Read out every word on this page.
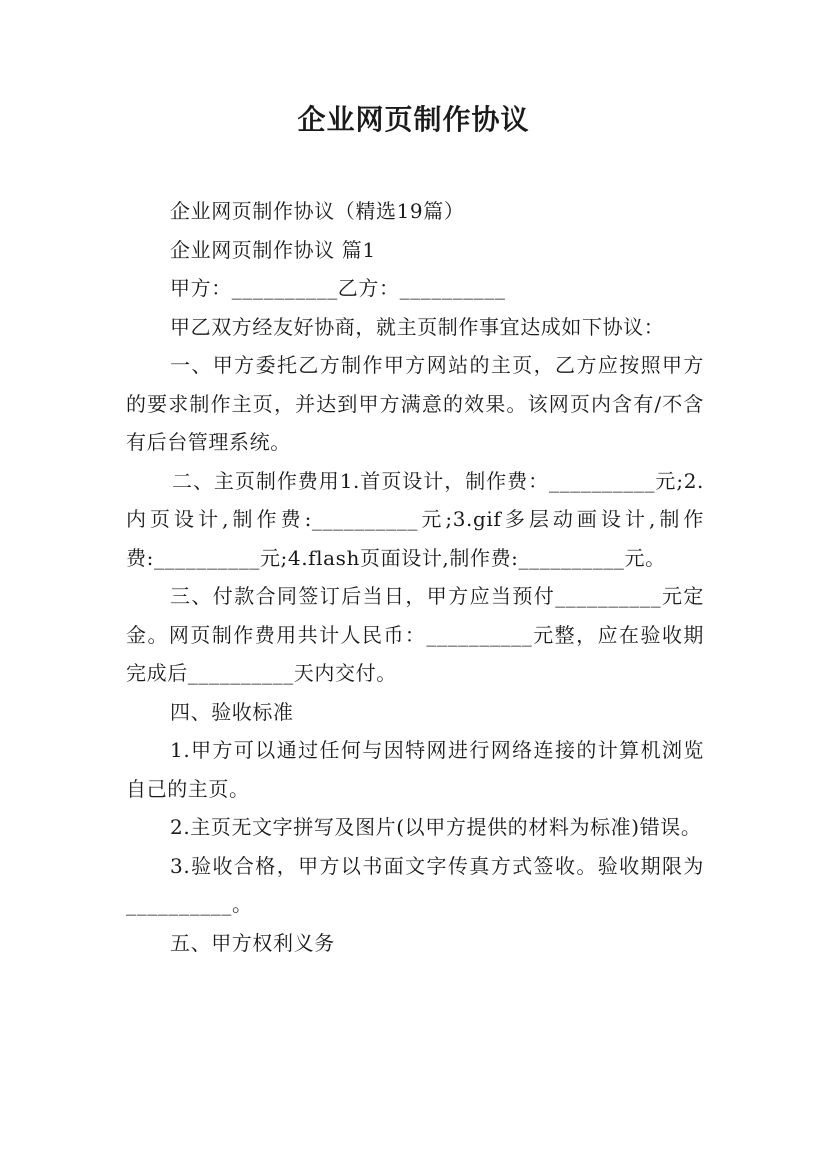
企业网页制作协议

企业网页制作协议（精选19篇）

企业网页制作协议 篇1

甲方：__________乙方：__________

甲乙双方经友好协商，就主页制作事宜达成如下协议：

一、甲方委托乙方制作甲方网站的主页，乙方应按照甲方的要求制作主页，并达到甲方满意的效果。该网页内含有/不含有后台管理系统。

二、主页制作费用1.首页设计，制作费：__________元;2.内页设计,制作费:__________元;3.gif多层动画设计,制作费:__________元;4.flash页面设计,制作费:__________元。

三、付款合同签订后当日，甲方应当预付__________元定金。网页制作费用共计人民币：__________元整，应在验收期完成后__________天内交付。

四、验收标准

1.甲方可以通过任何与因特网进行网络连接的计算机浏览自己的主页。

2.主页无文字拼写及图片(以甲方提供的材料为标准)错误。

3.验收合格，甲方以书面文字传真方式签收。验收期限为__________。

五、甲方权利义务
